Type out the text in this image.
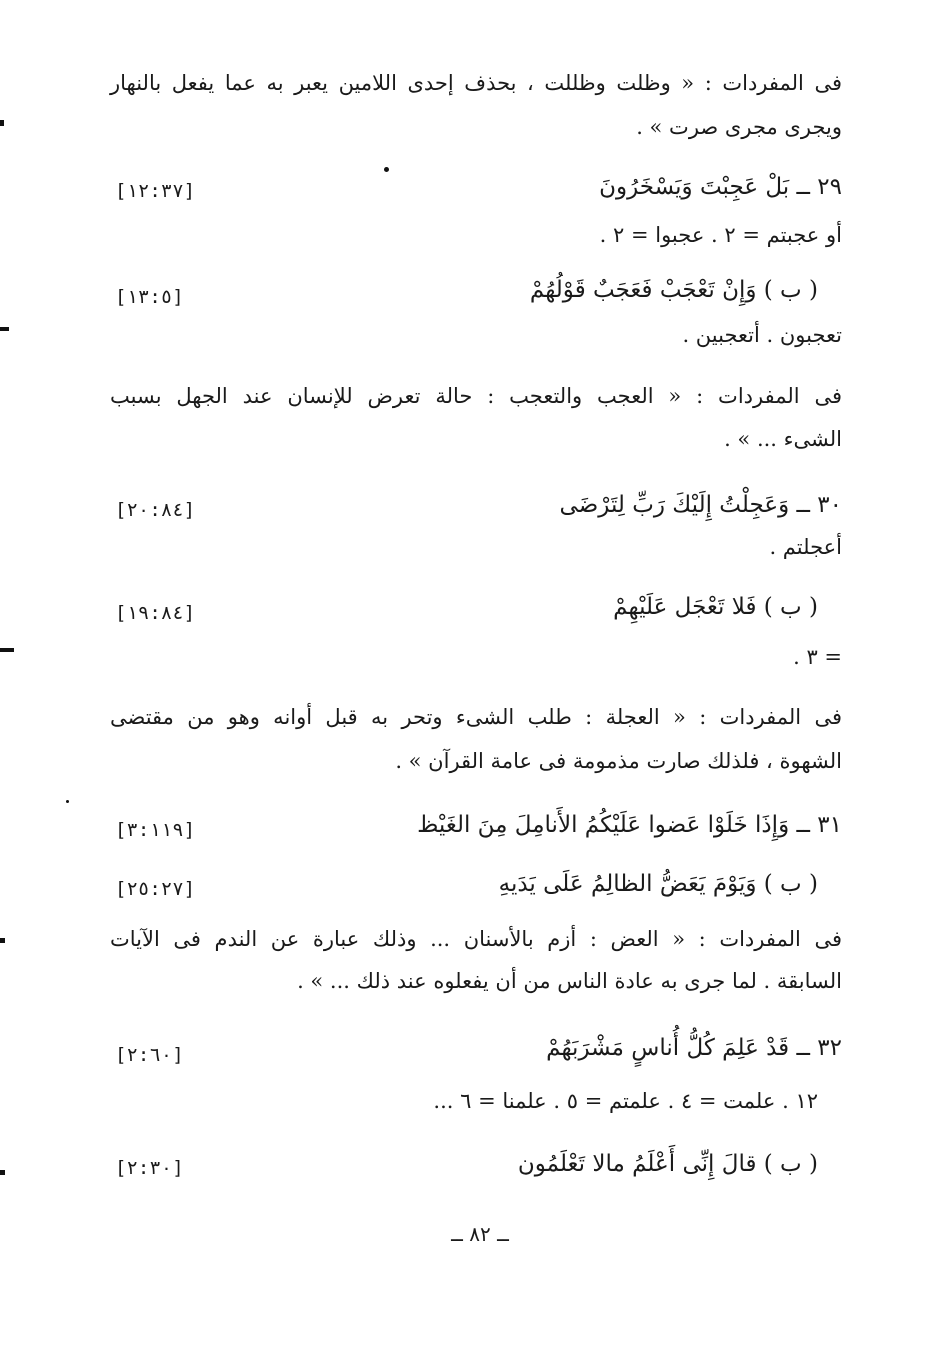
فى المفردات : « وظلت وظللت ، بحذف إحدى اللامين يعبر به عما يفعل بالنهار
ويجرى مجرى صرت » .
٢٩ ــ بَلْ عَجِبْتَ وَيَسْخَرُونَ
[١٢:٣٧]
أو عجبتم = ٢ . عجبوا = ٢ .
( ب ) وَإِنْ تَعْجَبْ فَعَجَبٌ قَوْلُهُمْ
[١٣:٥]
تعجبون . أتعجبين .
فى المفردات : « العجب والتعجب : حالة تعرض للإنسان عند الجهل بسبب
الشىء ... » .
٣٠ ــ وَعَجِلْتُ إِلَيْكَ رَبِّ لِتَرْضَى
[٢٠:٨٤]
أعجلتم .
( ب ) فَلا تَعْجَل عَلَيْهِمْ
[١٩:٨٤]
= ٣ .
فى المفردات : « العجلة : طلب الشىء وتحر به قبل أوانه وهو من مقتضى
الشهوة ، فلذلك صارت مذمومة فى عامة القرآن » .
٣١ ــ وَإِذَا خَلَوْا عَضوا عَلَيْكُمُ الأَنامِلَ مِنَ الغَيْظ
[٣:١١٩]
( ب ) وَيَوْمَ يَعَضُّ الظالِمُ عَلَى يَدَيهِ
[٢٥:٢٧]
فى المفردات : « العض : أزم بالأسنان ... وذلك عبارة عن الندم فى الآيات
السابقة . لما جرى به عادة الناس من أن يفعلوه عند ذلك ... » .
٣٢ ــ قَدْ عَلِمَ كُلُّ أُناسٍ مَشْرَبَهُمْ
[٢:٦٠]
١٢ . علمت = ٤ . علمتم = ٥ . علمنا = ٦ ...
( ب ) قالَ إِنِّى أَعْلَمُ مالا تَعْلَمُون
[٢:٣٠]
ــ ٨٢ ــ
